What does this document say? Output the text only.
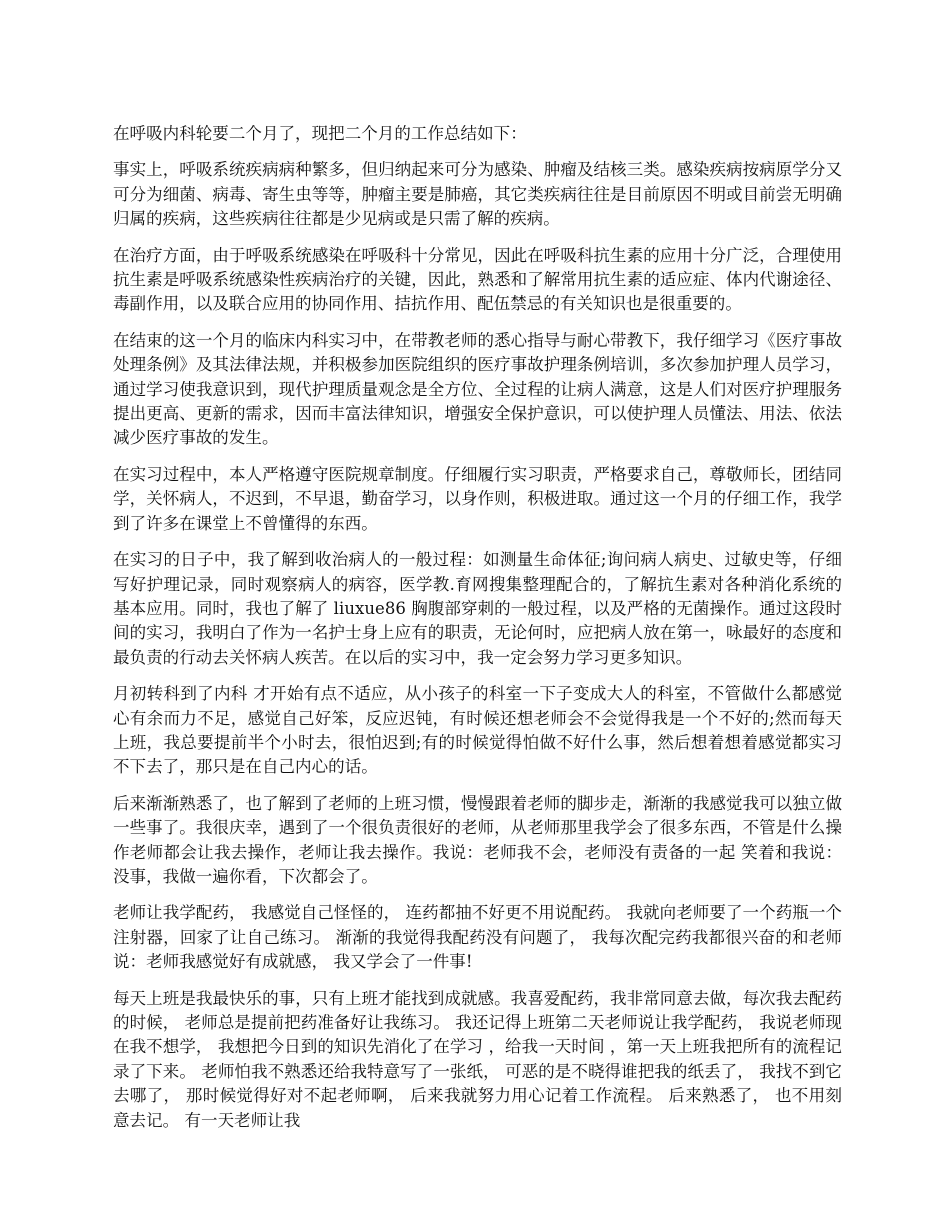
在呼吸内科轮要二个月了，现把二个月的工作总结如下：

事实上，呼吸系统疾病病种繁多，但归纳起来可分为感染、肿瘤及结核三类。感染疾病按病原学分又可分为细菌、病毒、寄生虫等等，肿瘤主要是肺癌，其它类疾病往往是目前原因不明或目前尝无明确归属的疾病，这些疾病往往都是少见病或是只需了解的疾病。

在治疗方面，由于呼吸系统感染在呼吸科十分常见，因此在呼吸科抗生素的应用十分广泛，合理使用抗生素是呼吸系统感染性疾病治疗的关键，因此，熟悉和了解常用抗生素的适应症、体内代谢途径、毒副作用，以及联合应用的协同作用、拮抗作用、配伍禁忌的有关知识也是很重要的。

在结束的这一个月的临床内科实习中，在带教老师的悉心指导与耐心带教下，我仔细学习《医疗事故处理条例》及其法律法规，并积极参加医院组织的医疗事故护理条例培训，多次参加护理人员学习，通过学习使我意识到，现代护理质量观念是全方位、全过程的让病人满意，这是人们对医疗护理服务提出更高、更新的需求，因而丰富法律知识，增强安全保护意识，可以使护理人员懂法、用法、依法减少医疗事故的发生。

在实习过程中，本人严格遵守医院规章制度。仔细履行实习职责，严格要求自己，尊敬师长，团结同学，关怀病人，不迟到，不早退，勤奋学习，以身作则，积极进取。通过这一个月的仔细工作，我学到了许多在课堂上不曾懂得的东西。

在实习的日子中，我了解到收治病人的一般过程：如测量生命体征;询问病人病史、过敏史等，仔细写好护理记录，同时观察病人的病容，医学教.育网搜集整理配合的，了解抗生素对各种消化系统的基本应用。同时，我也了解了 liuxue86 胸腹部穿刺的一般过程，以及严格的无菌操作。通过这段时间的实习，我明白了作为一名护士身上应有的职责，无论何时，应把病人放在第一，咏最好的态度和最负责的行动去关怀病人疾苦。在以后的实习中，我一定会努力学习更多知识。

月初转科到了内科 才开始有点不适应，从小孩子的科室一下子变成大人的科室，不管做什么都感觉心有余而力不足，感觉自己好笨，反应迟钝，有时候还想老师会不会觉得我是一个不好的;然而每天上班，我总要提前半个小时去，很怕迟到;有的时候觉得怕做不好什么事，然后想着想着感觉都实习不下去了，那只是在自己内心的话。

后来渐渐熟悉了，也了解到了老师的上班习惯，慢慢跟着老师的脚步走，渐渐的我感觉我可以独立做一些事了。我很庆幸，遇到了一个很负责很好的老师，从老师那里我学会了很多东西，不管是什么操作老师都会让我去操作，老师让我去操作。我说：老师我不会，老师没有责备的一起 笑着和我说：没事，我做一遍你看，下次都会了。

老师让我学配药， 我感觉自己怪怪的， 连药都抽不好更不用说配药。 我就向老师要了一个药瓶一个注射器，回家了让自己练习。 渐渐的我觉得我配药没有问题了， 我每次配完药我都很兴奋的和老师说：老师我感觉好有成就感， 我又学会了一件事!

每天上班是我最快乐的事，只有上班才能找到成就感。我喜爱配药，我非常同意去做，每次我去配药的时候， 老师总是提前把药准备好让我练习。 我还记得上班第二天老师说让我学配药， 我说老师现在我不想学， 我想把今日到的知识先消化了在学习 ，给我一天时间 ，第一天上班我把所有的流程记录了下来。 老师怕我不熟悉还给我特意写了一张纸， 可恶的是不晓得谁把我的纸丢了， 我找不到它去哪了， 那时候觉得好对不起老师啊， 后来我就努力用心记着工作流程。 后来熟悉了， 也不用刻意去记。 有一天老师让我
